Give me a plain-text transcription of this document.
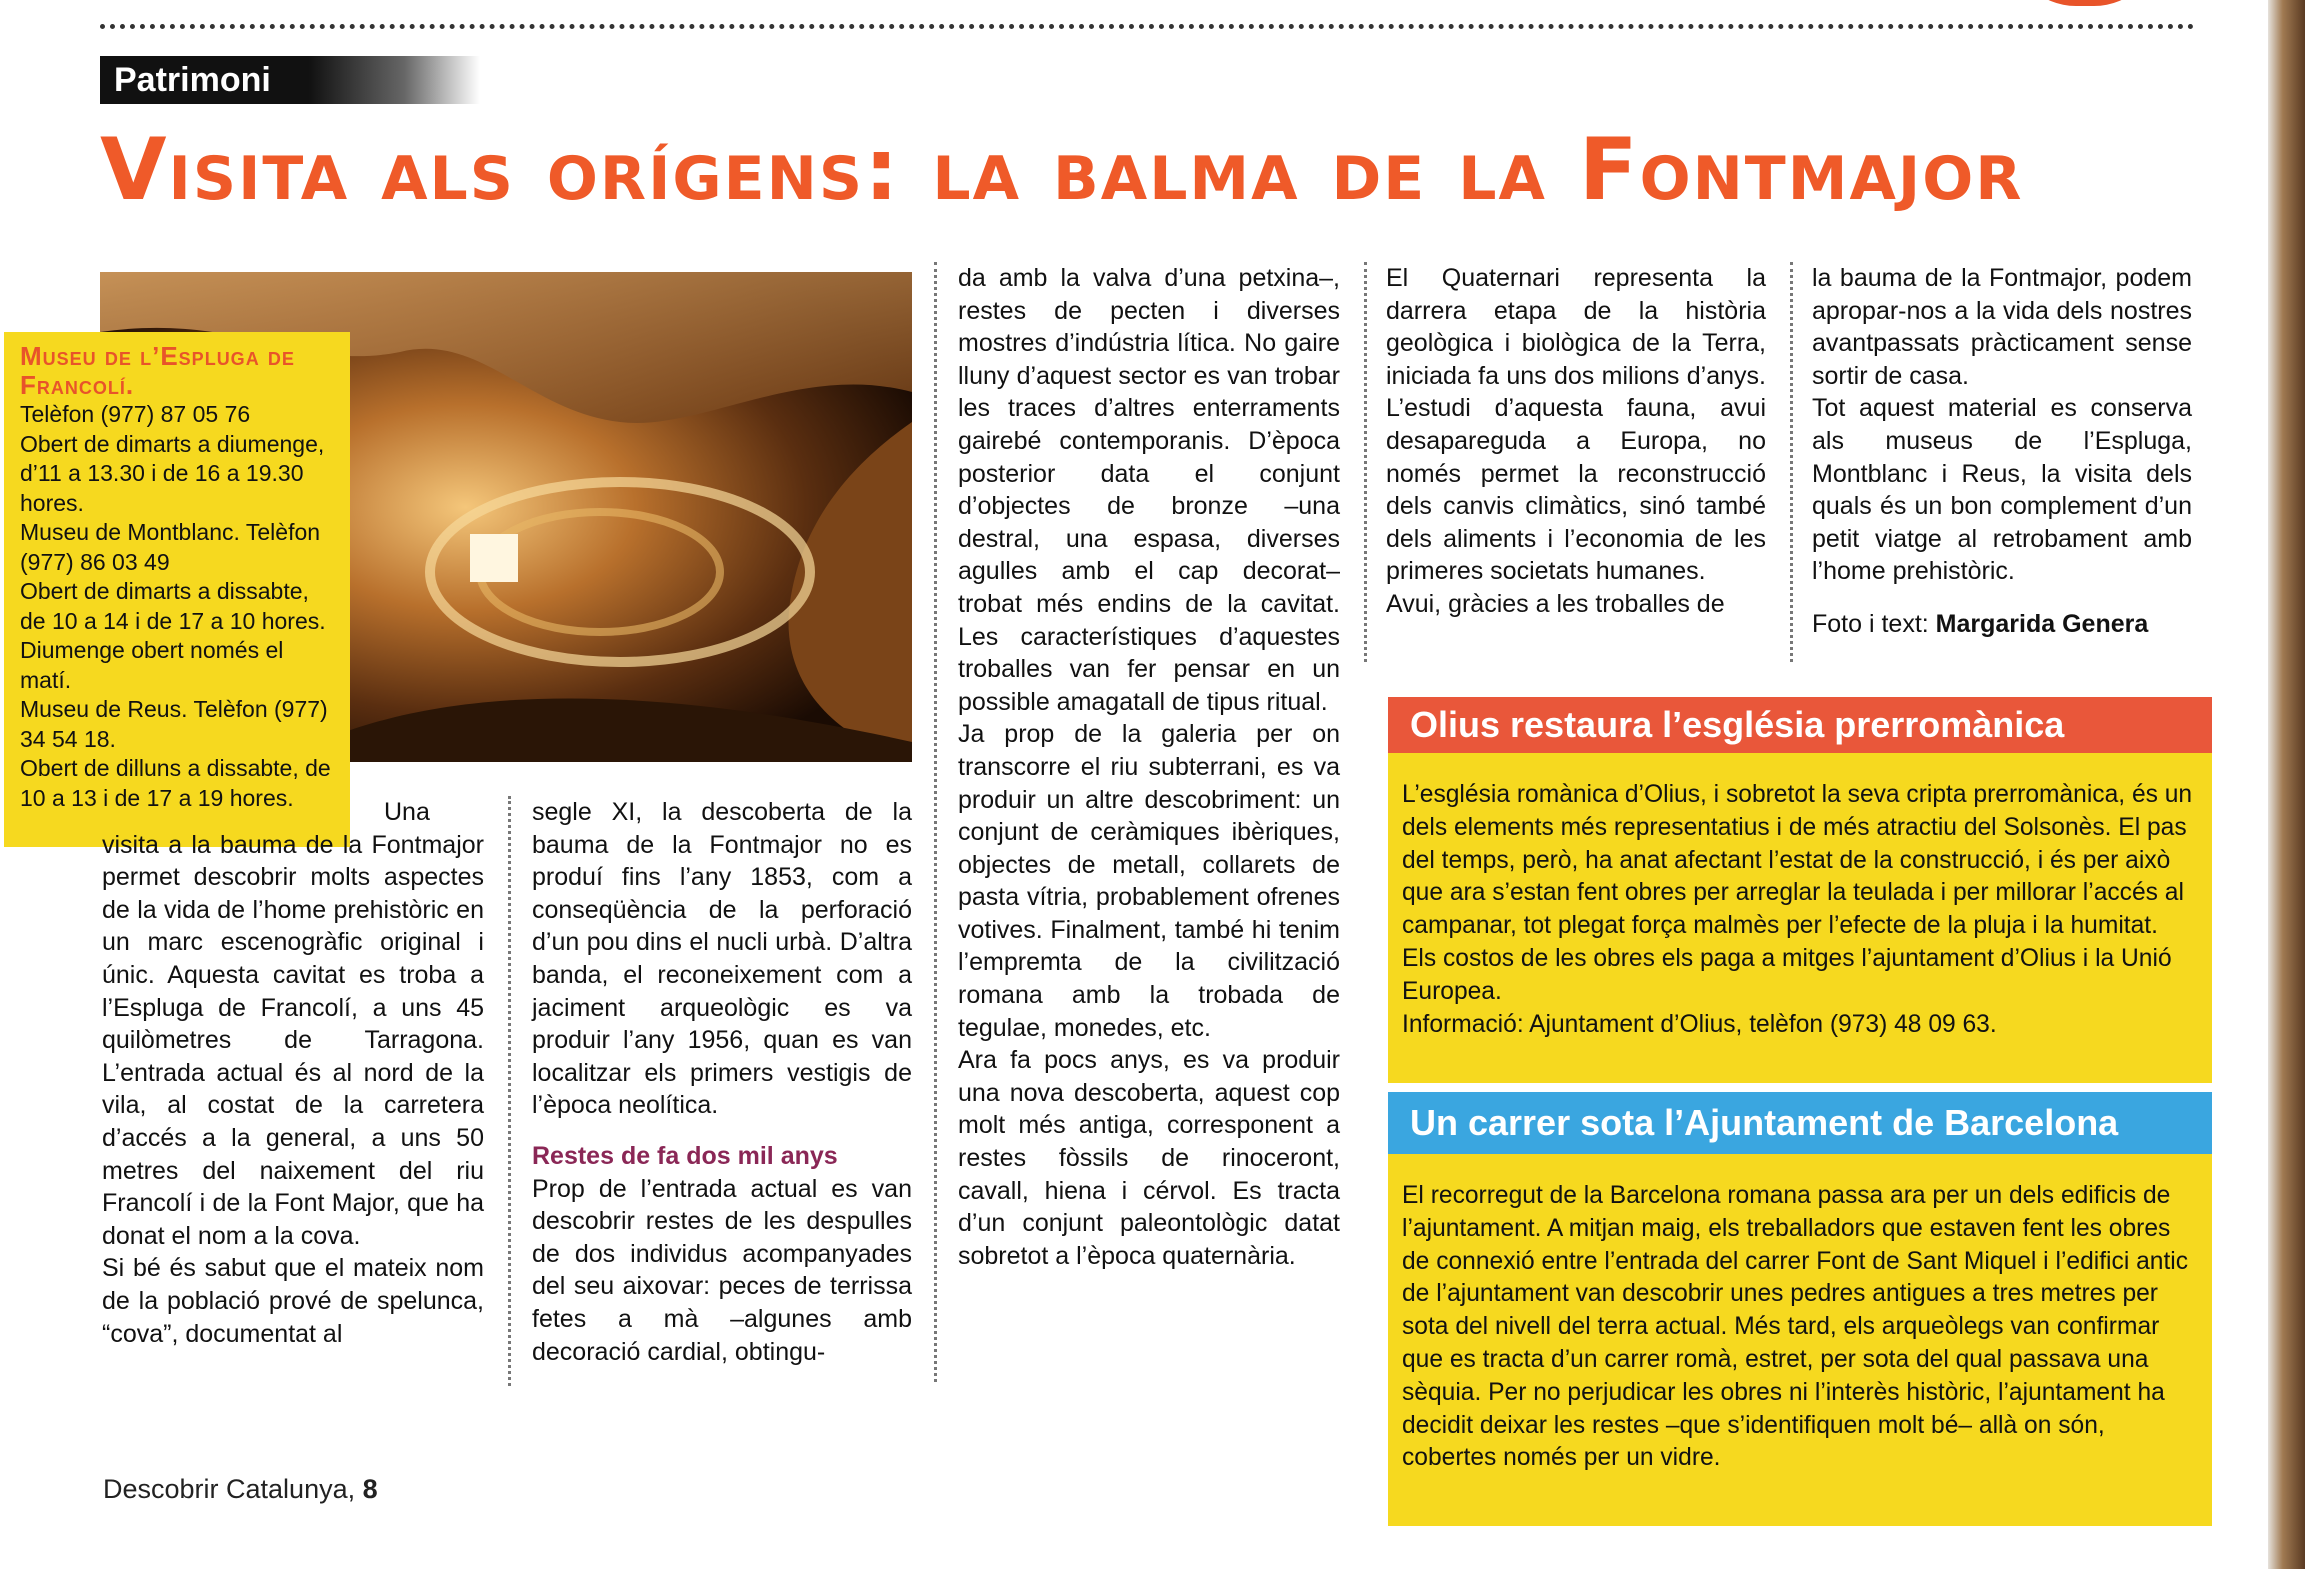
Patrimoni
Visita als orígens: la balma de la Fontmajor
Museu de l’Espluga de Francolí.
Telèfon (977) 87 05 76
Obert de dimarts a diumenge, d’11 a 13.30 i de 16 a 19.30 hores.
Museu de Montblanc. Telèfon (977) 86 03 49
Obert de dimarts a dissabte, de 10 a 14 i de 17 a 10 hores. Diumenge obert només el matí.
Museu de Reus. Telèfon (977) 34 54 18.
Obert de dilluns a dissabte, de 10 a 13 i de 17 a 19 hores.

Una visita a la bauma de la Fontmajor permet descobrir molts aspectes de la vida de l’home prehistòric en un marc escenogràfic original i únic. Aquesta cavitat es troba a l’Espluga de Francolí, a uns 45 quilòmetres de Tarragona. L’entrada actual és al nord de la vila, al costat de la carretera d’accés a la general, a uns 50 metres del naixement del riu Francolí i de la Font Major, que ha donat el nom a la cova.

Si bé és sabut que el mateix nom de la població prové de spelunca, “cova”, documentat al

segle XI, la descoberta de la bauma de la Fontmajor no es produí fins l’any 1853, com a conseqüència de la perforació d’un pou dins el nucli urbà. D’altra banda, el reconeixement com a jaciment arqueològic es va produir l’any 1956, quan es van localitzar els primers vestigis de l’època neolítica.

Restes de fa dos mil anys

Prop de l’entrada actual es van descobrir restes de les despulles de dos individus acompanyades del seu aixovar: peces de terrissa fetes a mà –algunes amb decoració cardial, obtingu-

da amb la valva d’una petxina–, restes de pecten i diverses mostres d’indústria lítica. No gaire lluny d’aquest sector es van trobar les traces d’altres enterraments gairebé contemporanis. D’època posterior data el conjunt d’objectes de bronze –una destral, una espasa, diverses agulles amb el cap decorat– trobat més endins de la cavitat. Les característiques d’aquestes troballes van fer pensar en un possible amagatall de tipus ritual.

Ja prop de la galeria per on transcorre el riu subterrani, es va produir un altre descobriment: un conjunt de ceràmiques ibèriques, objectes de metall, collarets de pasta vítria, probablement ofrenes votives. Finalment, també hi tenim l’empremta de la civilització romana amb la trobada de tegulae, monedes, etc.

Ara fa pocs anys, es va produir una nova descoberta, aquest cop molt més antiga, corresponent a restes fòssils de rinoceront, cavall, hiena i cérvol. Es tracta d’un conjunt paleontològic datat sobretot a l’època quaternària.

El Quaternari representa la darrera etapa de la història geològica i biològica de la Terra, iniciada fa uns dos milions d’anys. L’estudi d’aquesta fauna, avui desapareguda a Europa, no només permet la reconstrucció dels canvis climàtics, sinó també dels aliments i l’economia de les primeres societats humanes.

Avui, gràcies a les troballes de

la bauma de la Fontmajor, podem apropar-nos a la vida dels nostres avantpassats pràcticament sense sortir de casa.

Tot aquest material es conserva als museus de l’Espluga, Montblanc i Reus, la visita dels quals és un bon complement d’un petit viatge al retrobament amb l’home prehistòric.

Foto i text: Margarida Genera

Olius restaura l’església prerromànica

L’església romànica d’Olius, i sobretot la seva cripta prerromànica, és un dels elements més representatius i de més atractiu del Solsonès. El pas del temps, però, ha anat afectant l’estat de la construcció, i és per això que ara s’estan fent obres per arreglar la teulada i per millorar l’accés al campanar, tot plegat força malmès per l’efecte de la pluja i la humitat. Els costos de les obres els paga a mitges l’ajuntament d’Olius i la Unió Europea.

Informació: Ajuntament d’Olius, telèfon (973) 48 09 63.

Un carrer sota l’Ajuntament de Barcelona

El recorregut de la Barcelona romana passa ara per un dels edificis de l’ajuntament. A mitjan maig, els treballadors que estaven fent les obres de connexió entre l’entrada del carrer Font de Sant Miquel i l’edifici antic de l’ajuntament van descobrir unes pedres antigues a tres metres per sota del nivell del terra actual. Més tard, els arqueòlegs van confirmar que es tracta d’un carrer romà, estret, per sota del qual passava una sèquia. Per no perjudicar les obres ni l’interès històric, l’ajuntament ha decidit deixar les restes –que s’identifiquen molt bé– allà on són, cobertes només per un vidre.

Descobrir Catalunya, 8
